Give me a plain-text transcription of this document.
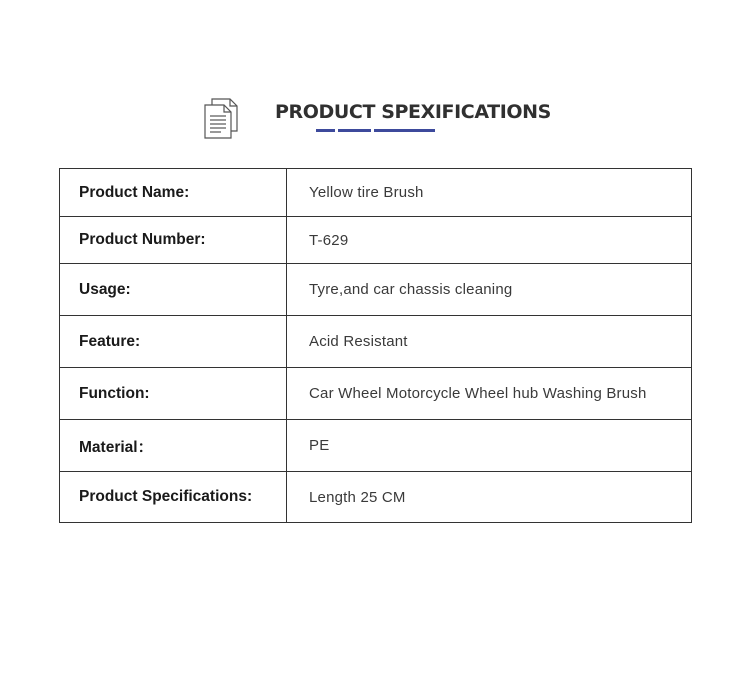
PRODUCT SPEXIFICATIONS
Product Name:	Yellow tire Brush
Product Number:	T-629
Usage:	Tyre,and car chassis cleaning
Feature:	Acid Resistant
Function:	Car Wheel Motorcycle Wheel hub Washing Brush
Material：	PE
Product Specifications:	Length 25 CM
